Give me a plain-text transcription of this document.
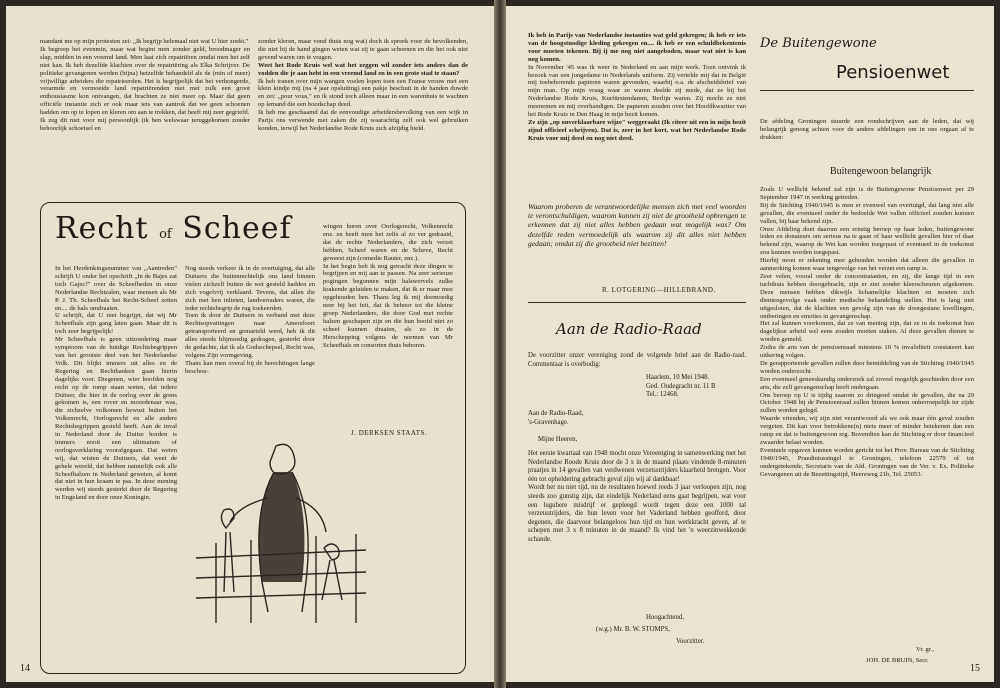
mandant me op mijn protesten zei: „Ik begrijp helemaal niet wat U hier zoekt."

Ik begreep het evenmin, maar wat begint men zonder geld, broodmager en slap, midden in een vreemd land. Men laat zich repatriëren omdat men het zelf niet kan. Ik heb dezelfde klachten over de repatriëring als Elka Schrijver. De politieke gevangenen werden (bijna) hetzelfde behandeld als de (min of meer) vrijwillige arbeiders die repatrieerden. Het is begrijpelijk dat het verhongerde, verarmde en vermoeide land repatriërenden niet met zulk een groot enthousiasme kon ontvangen, dat brachten ze niet meer op. Maar dat geen officiële instantie zich er ook maar iets van aantrok dat we geen schoenen hadden om op te lopen en kleren om aan te trekken, dat heeft mij zeer gegriefd.

Ik zeg dit niet voor mij persoonlijk (ik ben welswaar teruggekomen zonder behoorlijk schoeisel en

zonder kleren, maar vond thuis nog wat) doch ik spreek voor de bevolkenden, die niet bij de hand gingen weten wat zij te gaan schoenen en die het ook niet gevend waren om te vragen.

Weet het Rode Kruis wel wat het zeggen wil zonder iets anders dan de vodden die je aan hebt in een vreemd land en in een grote stad te staan?

Ik heb tranen over mijn wangen voelen lopen toen een Franse vrouw met een klein kindje mij (na 4 jaar opsluiting) een pakje beschuit in de handen duwde en zei: „pour vous," en ik stond toch alleen maar in een warenhuis te wachten op lemand die een boodschap deed.

Ik heb me geschaamd dat de eenvoudige arbeidersbevolking van een wijk in Parijs ons verwende met zaken die zij waarachtig zelf ook wel gebruiken konden, terwijl het Nederlandse Rode Kruis zich afzijdig hield.

Recht of Scheef

In het Herdenkingsnummer van „Aantreden" schrijft U onder het opschrift „In de Bajes zat toch Gajes?" over de Scheefheden in onze Nederlandse Rechtzalen, waar mensen als Mr P. J. Th. Scheefhals het Recht-Scheef zetten en.... de hals omdraaien.

U schrijft, dat U niet begrijpt, dat wij Mr Scheefhals zijn gang laten gaan. Maar dit is toch zeer begrijpelijk!

Mr Scheefhals is geen uitzondering maar symptoom van de huidige Rechtsbegrippen van het grootste deel van het Nederlandse Volk. Dit blijkt immers uit alles en de Regering en Rechtbanken gaan hierin dagelijks voor. Diegenen, wier hoofden nog recht op de romp staan weten, dat iedere Duitser, die hier in de oorlog over de grens gekomen is, een rover en moordenaar was, die zichzelve volkomen bewust buiten het Volkenrecht, Oorlogsrecht en alle andere Rechtsbegrippen gesteld heeft. Aan de inval in Nederland door de Duitse horden is immers nooit een ultimatum of oorlogsverklaring voorafgegaan. Dat weten wij, dat wisten de Duitsers, dat weet de gehele wereld, dat hebben natuurlijk ook alle Scheefhalzen in Nederland geweten, al komt dat niet in hun kraam te pas. In deze mening werden wij steeds gesterkt door de Regering in Engeland en door onze Koningin.

Nog steeds verkeer ik in de overtuiging, dat alle Duitsers die buitenrechtelijk ons land binnen vielen zichzelf buiten de wet gesteld hadden en zich vogelvrij verklaard. Tevens, dat allen die zich met hen inlieten, landverraders waren, die ieder rechtsbegrip de rug toekeerden.

Toen ik door de Duitsers in verband met deze Rechtsopvattingen naar Amersfoort getransporteerd en gemarteld werd, heb ik dit alles steeds blijmoedig gedragen, gesterkt door de gedachte, dat ik als Godsschepsel, Recht was, volgens Zijn vormgeving.

Thans kan men overal bij de berechtingen lange beschou-

wingen horen over Oorlogsrecht, Volkenrecht enz. en heeft men het zelfs al zo ver gedraaid, dat de rechte Nederlanders, die zich verzet hebben, Scheef waren en de Scheve, Recht geweest zijn (comedie Rauter, enz.).

In het begin heb ik nog getracht deze dingen te begrijpen en mij aan te passen. Na zeer serieuze pogingen begonnen mijn halswervels zulke krakende geluiden te maken, dat ik er maar mee opgehouden ben. Thans leg ik mij doemoedig neer bij het feit, dat ik behoor tot die kleine groep Nederlanders, die door God met rechte halzen geschapen zijn en die hun hoofd niet zo scheef kunnen draaien, als zo in de Herschepping volgens de normen van Mr Scheefhals en consorten thuis behoren.

J. DERKSEN STAATS.
14

Ik heb in Parijs van Nederlandse instanties wat geld gekregen; ik heb er iets van de hoogstnodige kleding gekregen en.... ik heb er een schuldbekentenis voor moeten tekenen. Bij ij me nog niet aangeboden, maar wat niet is kan nog komen.

In November '45 was ik weer in Nederland en aan mijn werk. Toen ontvink ik bezoek van een jongedame in Nederlands uniform. Zij vertelde mij dat in België mij toebehorende papieren waren gevonden, waarbij o.a. de afscheidsbrief van mijn man. Op mijn vraag waar ze waren deelde zij mede, dat ze bij het Nederlandse Rode Kruis, Kurfürstendamm, Berlijn waren. Zij mocht ze niet meenemen en mij overhandigen. De papieren zouden over het Hoofdkwartier van het Rode Kruis in Den Haag in mijn bezit komen.

Ze zijn „op onverklaarbare wijze" weggeraakt (Ik citeer uit een in mijn bezit zijnd officieel schrijven). Dat is, zeer in het kort, wat het Nederlandse Rode Kruis voor mij deed en nog niet deed.

Waarom proberen de verantwoordelijke mensen zich met veel woorden te verontschuldigen, waarom kunnen zij niet de grootheid opbrengen te erkennen dat zij niet alles hebben gedaan wat mogelijk was? Om dezelfde reden vermoedelijk als waarom zij dit alles niet hebben gedaan; omdat zij die grootheid niet bezitten!
R. LOTGERING—HILLEBRAND.
Aan de Radio-Raad
De voorzitter onzer vereniging zond de volgende brief aan de Radio-raad. Commentaar is overbodig:

Haarlem, 10 Mei 1948.

Ged. Oudegracht nr. 11 B

Tel.: 12468.

Aan de Radio-Raad,

's-Gravenhage.

Mijne Heeren,

Het eerste kwartaal van 1948 mocht onze Vereeniging in samenwerking met het Nederlandse Roode Kruis door de 3 x in de maand plaats vindende 8-minuten praatjes in 14 gevallen van verdwenen verzetsstrijders klaarheid brengen. Voor één tot opheldering gebracht geval zijn wij al dankbaar!

Wordt het nu niet tijd, nu de resultaten hoewel reeds 3 jaar verloopen zijn, nog steeds zoo gunstig zijn, dat eindelijk Nederland eens gaat begrijpen, wat voor een lugubere misdrijf er gepleegd wordt tegen deze een 1000 tal verzetsstrijders, die hun leven voor het Vaderland hebben geofferd, door degenen, die daarvoor belangeloos hun tijd en hun werkkracht geven, af te schepen met 3 x 8 minuten in de maand? Ik vind het 'n weerzinwekkende schande.

Hoogachtend,
(w.g.) Mr. B. W. STOMPS,
Voorzitter.
De Buitengewone
Pensioenwet
De afdeling Groningen stuurde een rondschrijven aan de leden, dat wij belangrijk genoeg achten voor de andere afdelingen om in ons orgaan af te drukken:
Buitengewoon belangrijk

Zoals U wellicht bekend zal zijn is de Buitengewone Pensioenwet per 29 September 1947 in werking getreden.

Bij de Stichting 1940/1945 is men er evenwel van overtuigd, dat lang niet alle gevallen, die eventueel onder de bedoelde Wet vallen officieel zouden kunnen vallen, bij haar bekend zijn.

Onze Afdeling doet daarom een ernstig beroep op haar leden, buitengewone leden en donateurs om serieus na te gaan of haar wellicht gevallen hier of daar bekend zijn, waarop de Wet kan worden toegepast of eventueel in de toekomst zou kunnen worden toegepast.

Hierbij moet er rekening mee gehouden worden dat alleen die gevallen in aanmerking komen waar tengevolge van het verzet een ramp is.

Zeer velen, vooral onder de concentratanten, en zij, die lange tijd in een tuchthuis hebben doorgebracht, zijn er ziet zonder kleerscheuren afgekomen. Deze mensen hebben dikwijls lichamelijke klachten en moeten zich dientengevolge vaak onder medische behandeling stellen. Het is lang niet uitgesloten, dat de klachten een gevolg zijn van de doorgestane kwellingen, ontberingen en emoties in gevangenschap.

Het zal kunnen voorkomen, dat ze van mening zijn, dat ze in de toekomst hun dagelijkse arbeid wel eens zouden moeten staken. Al deze gevallen dienen te worden gemeld.

Zodra de arts van de pensioenraad minstens 10 % invaliditeit constateert kan uitkering volgen.

De gerapporteerde gevallen zullen door bemiddeling van de Stichting 1940/1945 worden onderzocht.

Een eventueel geneeskundig onderzoek zal zoveel mogelijk geschieden door een arts, die zelf gevangenschap heeft ondergaan.

Ons beroep op U is tijdig zaarom zo dringend omdat de gevallen, die na 29 October 1948 bij de Pensioenraad zullen binnen komen onherroepelijk ter zijde zullen worden gelegd.

Waarde vrienden, wij zijn niet verantwoord als we ook maar één geval zouden vergeten. Dit kan voor betrokkene(n) niets meer of minder betekenen dan een ramp en dat is buitengewoon erg. Bovendien kan de Stichting er door financieel zwaarder belast worden.

Eventuele opgaven kunnen worden gericht tot het Prov. Bureau van de Stichting 1940/1945, Praediniussingel te Groningen, telefoon 22579 of tot ondergetekende, Secretaris van de Afd. Groningen van de Ver. v. Ex. Politieke Gevangenen uit de Bezettingstijd, Heereweg 21b, Tel. 25053.

Vr. gr.,
JOH. DE BRUIN, Secr.
15
